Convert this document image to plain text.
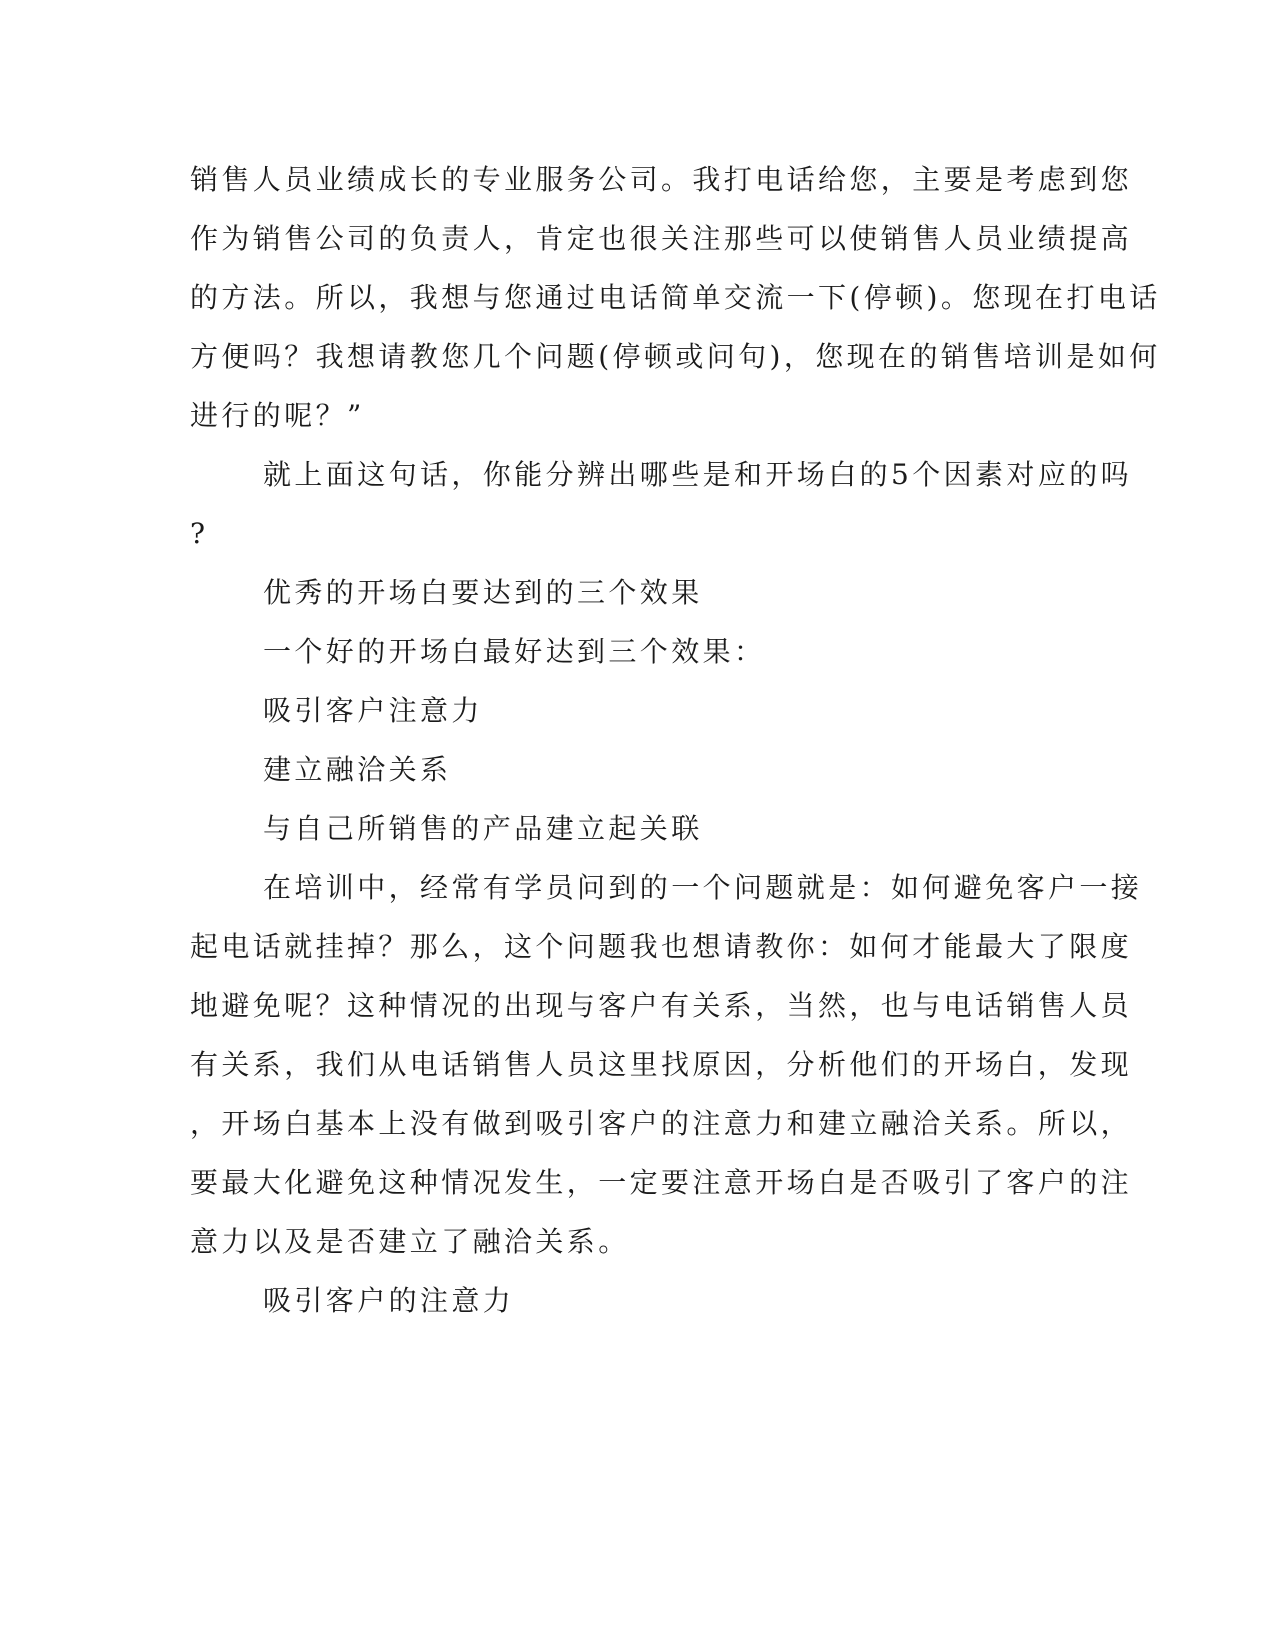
销售人员业绩成长的专业服务公司。我打电话给您，主要是考虑到您
作为销售公司的负责人，肯定也很关注那些可以使销售人员业绩提高
的方法。所以，我想与您通过电话简单交流一下(停顿)。您现在打电话
方便吗？我想请教您几个问题(停顿或问句)，您现在的销售培训是如何
进行的呢？”
就上面这句话，你能分辨出哪些是和开场白的5个因素对应的吗
?
优秀的开场白要达到的三个效果
一个好的开场白最好达到三个效果：
吸引客户注意力
建立融洽关系
与自己所销售的产品建立起关联
在培训中，经常有学员问到的一个问题就是：如何避免客户一接
起电话就挂掉？那么，这个问题我也想请教你：如何才能最大了限度
地避免呢？这种情况的出现与客户有关系，当然，也与电话销售人员
有关系，我们从电话销售人员这里找原因，分析他们的开场白，发现
，开场白基本上没有做到吸引客户的注意力和建立融洽关系。所以，
要最大化避免这种情况发生，一定要注意开场白是否吸引了客户的注
意力以及是否建立了融洽关系。
吸引客户的注意力
